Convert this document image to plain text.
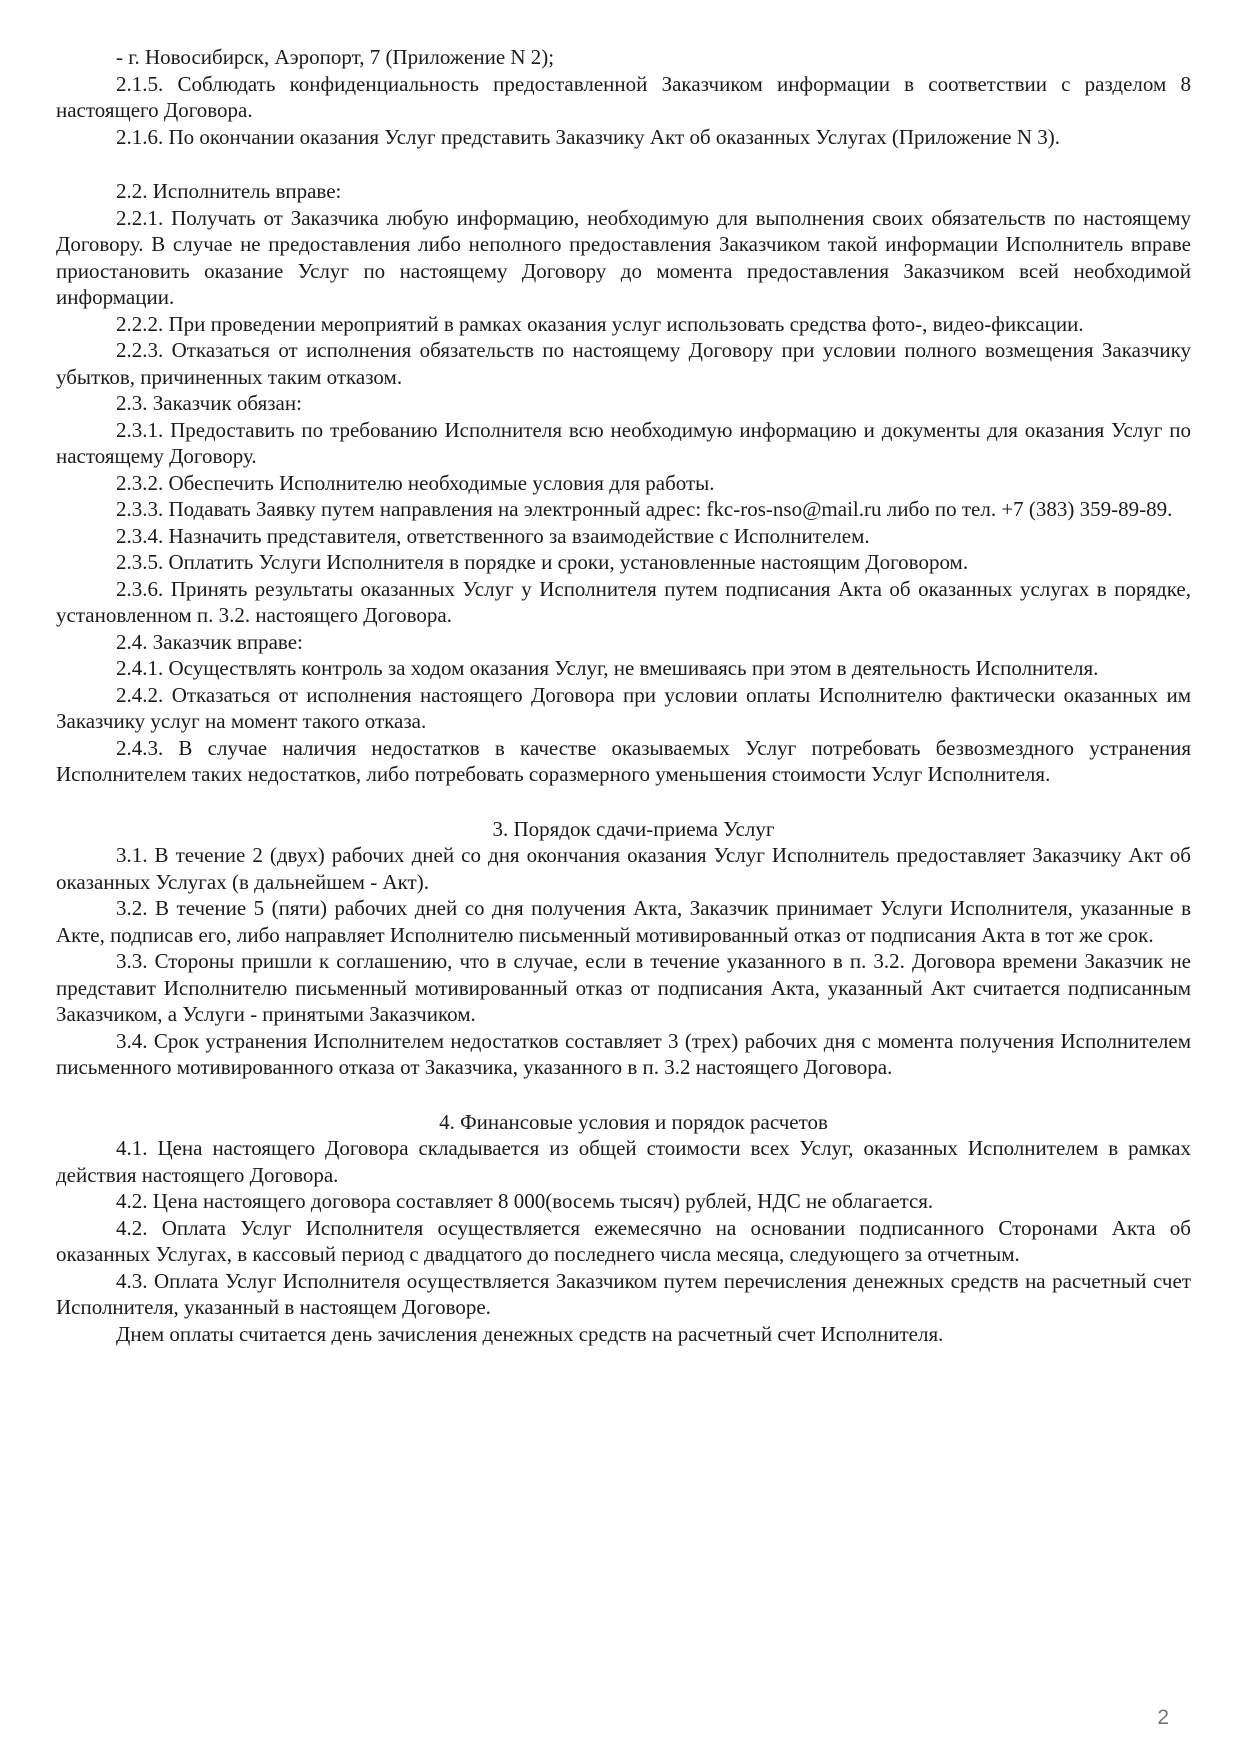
- г. Новосибирск, Аэропорт, 7 (Приложение N 2);

2.1.5. Соблюдать конфиденциальность предоставленной Заказчиком информации в соответствии с разделом 8 настоящего Договора.

2.1.6. По окончании оказания Услуг представить Заказчику Акт об оказанных Услугах (Приложение N 3).

2.2. Исполнитель вправе:

2.2.1. Получать от Заказчика любую информацию, необходимую для выполнения своих обязательств по настоящему Договору. В случае не предоставления либо неполного предоставления Заказчиком такой информации Исполнитель вправе приостановить оказание Услуг по настоящему Договору до момента предоставления Заказчиком всей необходимой информации.

2.2.2. При проведении мероприятий в рамках оказания услуг использовать средства фото-, видео-фиксации.

2.2.3. Отказаться от исполнения обязательств по настоящему Договору при условии полного возмещения Заказчику убытков, причиненных таким отказом.

2.3. Заказчик обязан:

2.3.1. Предоставить по требованию Исполнителя всю необходимую информацию и документы для оказания Услуг по настоящему Договору.

2.3.2. Обеспечить Исполнителю необходимые условия для работы.

2.3.3. Подавать Заявку путем направления на электронный адрес: fkc-ros-nso@mail.ru либо по тел. +7 (383) 359-89-89.

2.3.4. Назначить представителя, ответственного за взаимодействие с Исполнителем.

2.3.5. Оплатить Услуги Исполнителя в порядке и сроки, установленные настоящим Договором.

2.3.6. Принять результаты оказанных Услуг у Исполнителя путем подписания Акта об оказанных услугах в порядке, установленном п. 3.2. настоящего Договора.

2.4. Заказчик вправе:

2.4.1. Осуществлять контроль за ходом оказания Услуг, не вмешиваясь при этом в деятельность Исполнителя.

2.4.2. Отказаться от исполнения настоящего Договора при условии оплаты Исполнителю фактически оказанных им Заказчику услуг на момент такого отказа.

2.4.3. В случае наличия недостатков в качестве оказываемых Услуг потребовать безвозмездного устранения Исполнителем таких недостатков, либо потребовать соразмерного уменьшения стоимости Услуг Исполнителя.

3. Порядок сдачи-приема Услуг

3.1. В течение 2 (двух) рабочих дней со дня окончания оказания Услуг Исполнитель предоставляет Заказчику Акт об оказанных Услугах (в дальнейшем - Акт).

3.2. В течение 5 (пяти) рабочих дней со дня получения Акта, Заказчик принимает Услуги Исполнителя, указанные в Акте, подписав его, либо направляет Исполнителю письменный мотивированный отказ от подписания Акта в тот же срок.

3.3. Стороны пришли к соглашению, что в случае, если в течение указанного в п. 3.2. Договора времени Заказчик не представит Исполнителю письменный мотивированный отказ от подписания Акта, указанный Акт считается подписанным Заказчиком, а Услуги - принятыми Заказчиком.

3.4. Срок устранения Исполнителем недостатков составляет 3 (трех) рабочих дня с момента получения Исполнителем письменного мотивированного отказа от Заказчика, указанного в п. 3.2 настоящего Договора.

4. Финансовые условия и порядок расчетов

4.1. Цена настоящего Договора складывается из общей стоимости всех Услуг, оказанных Исполнителем в рамках действия настоящего Договора.

4.2. Цена настоящего договора составляет 8 000(восемь тысяч) рублей, НДС не облагается.

4.2. Оплата Услуг Исполнителя осуществляется ежемесячно на основании подписанного Сторонами Акта об оказанных Услугах, в кассовый период с двадцатого до последнего числа месяца, следующего за отчетным.

4.3. Оплата Услуг Исполнителя осуществляется Заказчиком путем перечисления денежных средств на расчетный счет Исполнителя, указанный в настоящем Договоре.

Днем оплаты считается день зачисления денежных средств на расчетный счет Исполнителя.

2
